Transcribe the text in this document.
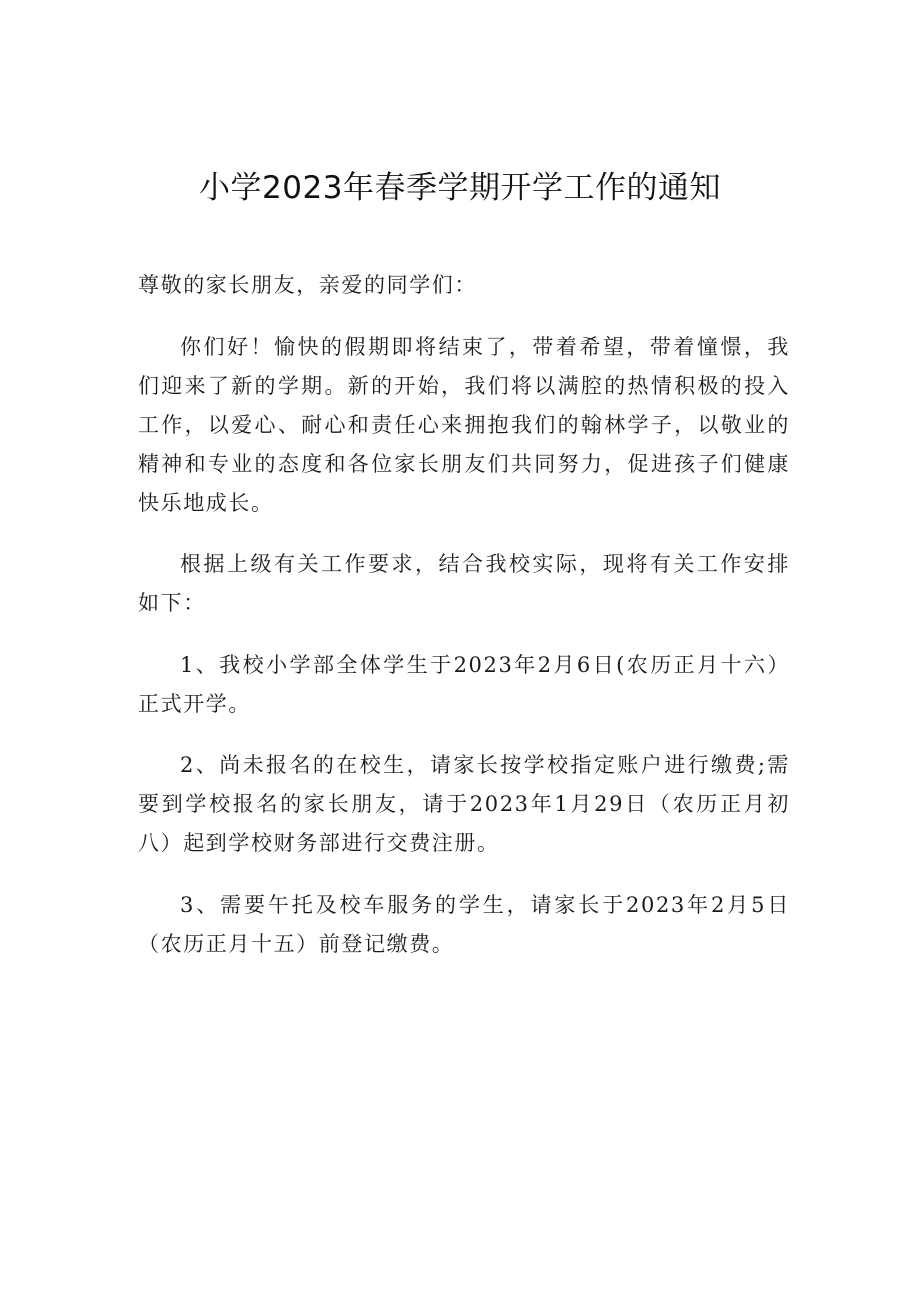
小学2023年春季学期开学工作的通知

尊敬的家长朋友，亲爱的同学们：

你们好！愉快的假期即将结束了，带着希望，带着憧憬，我们迎来了新的学期。新的开始，我们将以满腔的热情积极的投入工作，以爱心、耐心和责任心来拥抱我们的翰林学子，以敬业的精神和专业的态度和各位家长朋友们共同努力，促进孩子们健康快乐地成长。

根据上级有关工作要求，结合我校实际，现将有关工作安排如下：

1、我校小学部全体学生于2023年2月6日(农历正月十六）正式开学。

2、尚未报名的在校生，请家长按学校指定账户进行缴费;需要到学校报名的家长朋友，请于2023年1月29日（农历正月初八）起到学校财务部进行交费注册。

3、需要午托及校车服务的学生，请家长于2023年2月5日（农历正月十五）前登记缴费。
